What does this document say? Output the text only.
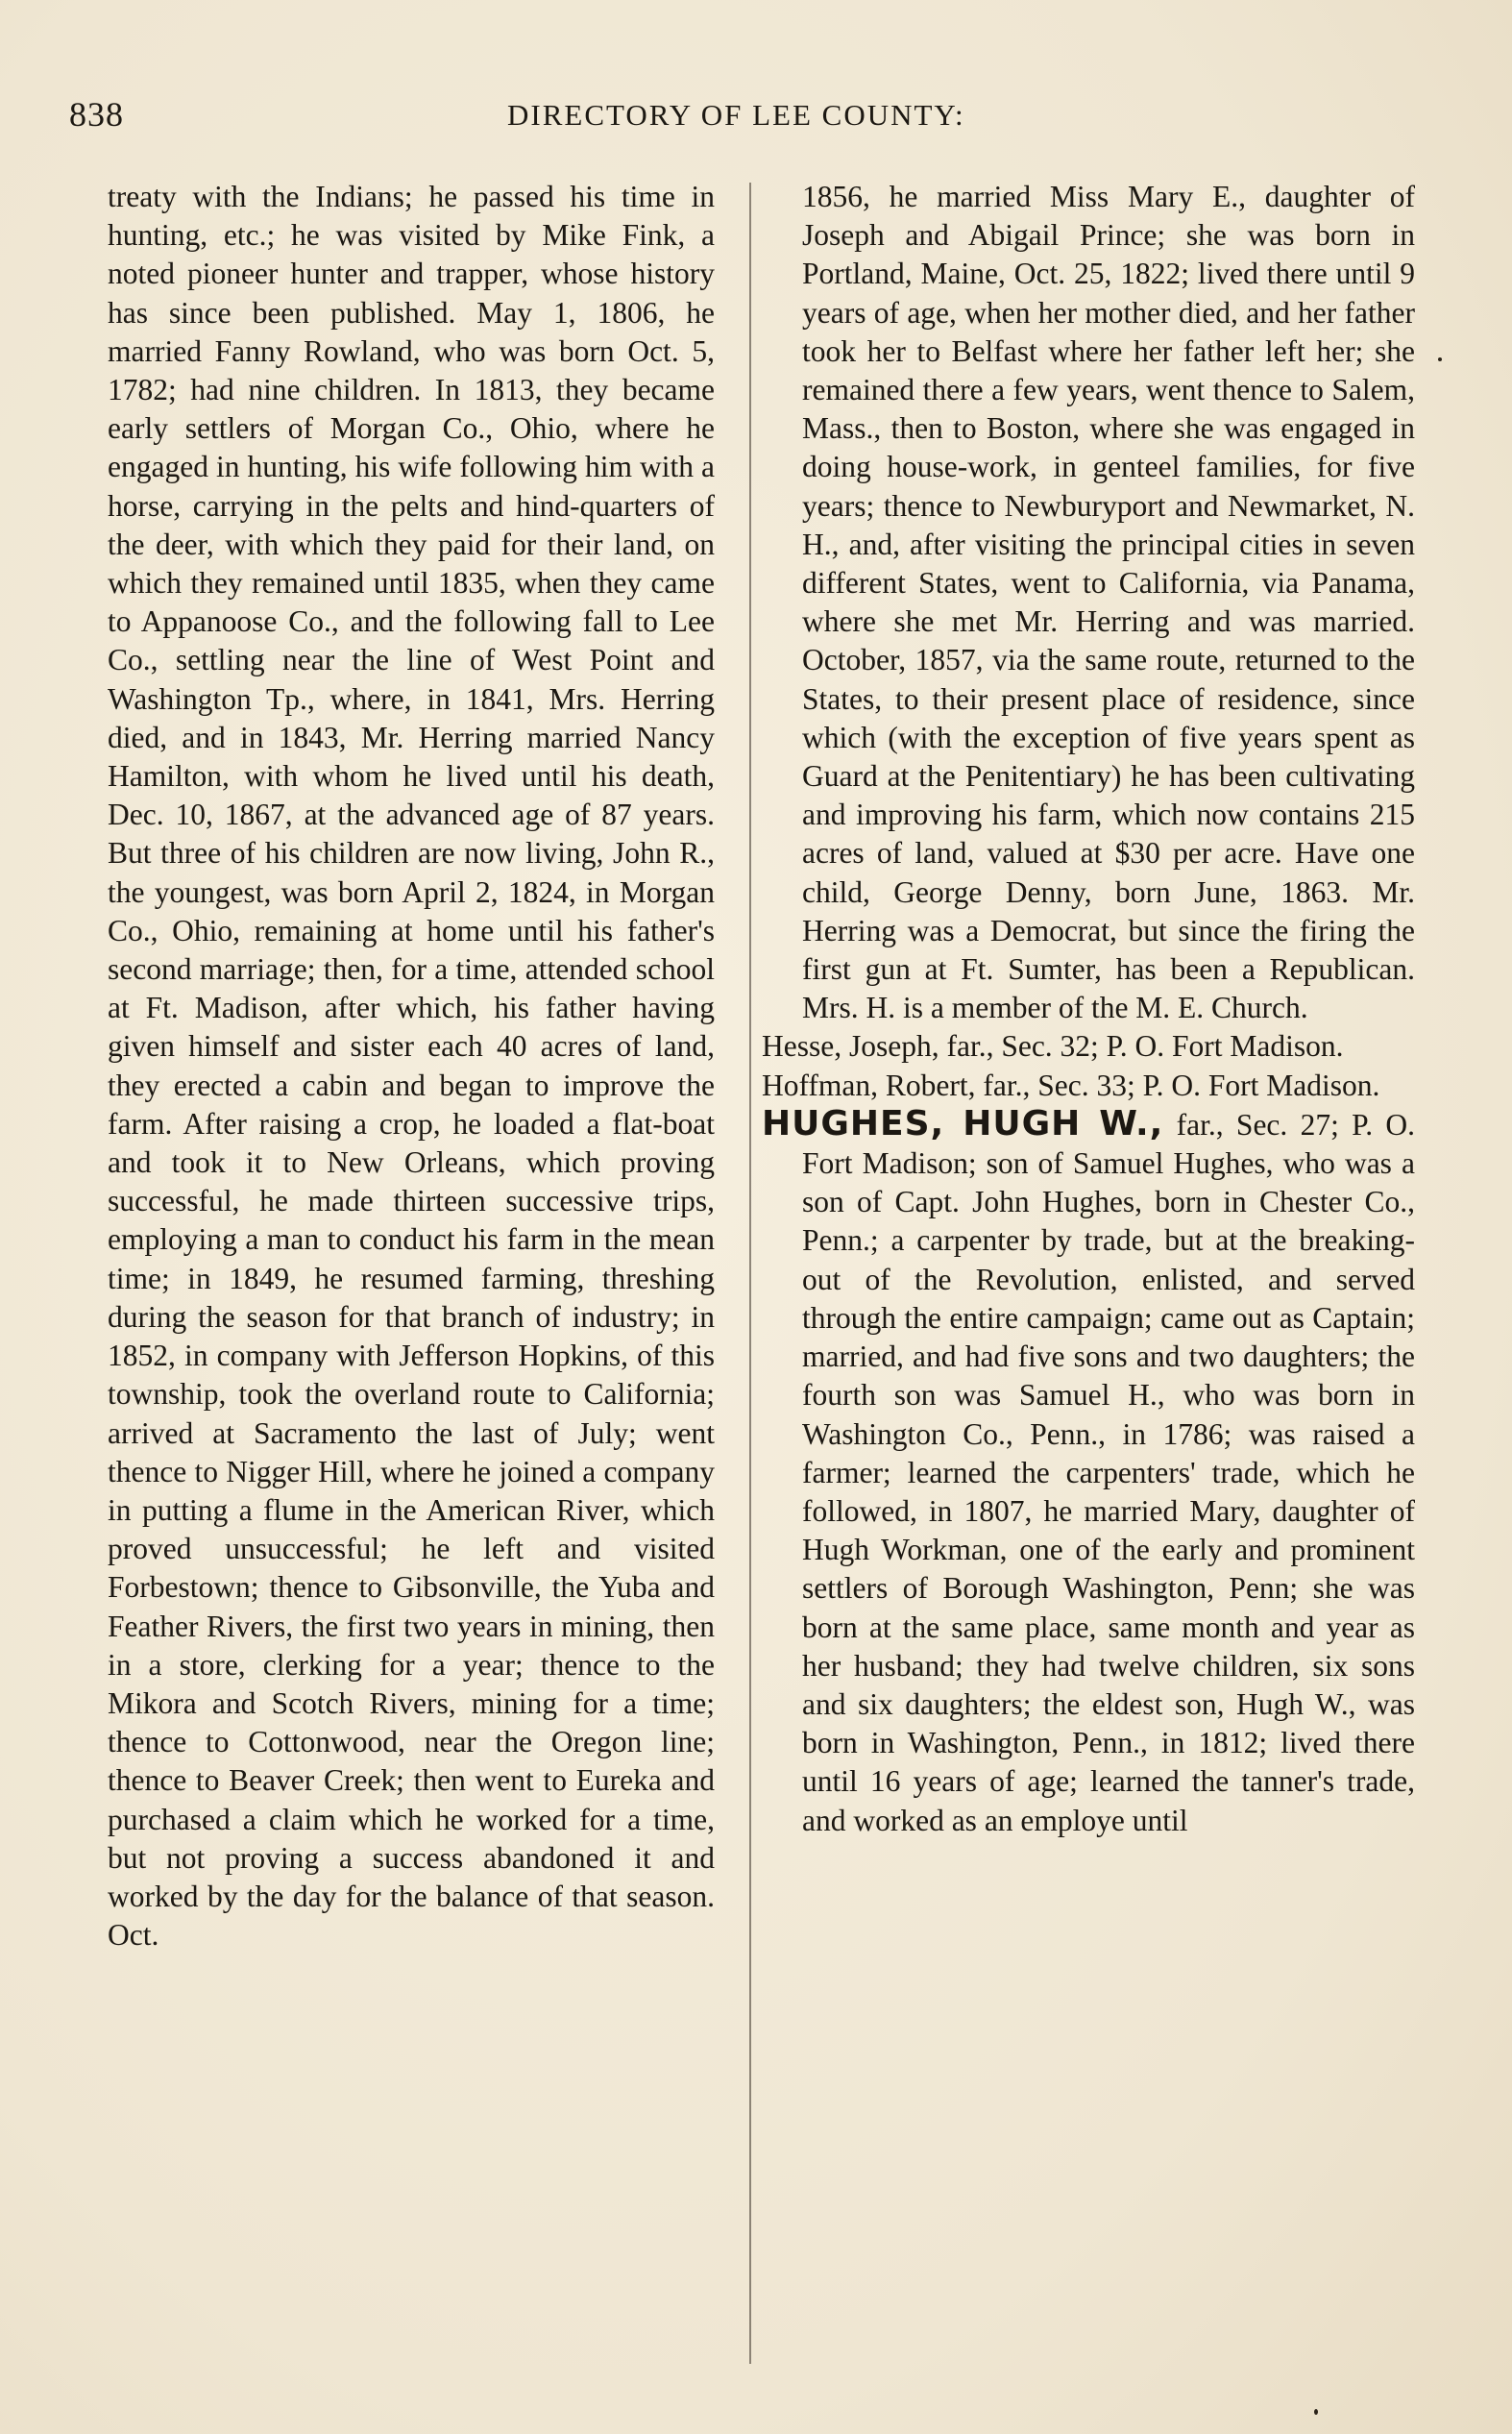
838	DIRECTORY OF LEE COUNTY:

treaty with the Indians; he passed his time in hunting, etc.; he was visited by Mike Fink, a noted pioneer hunter and trapper, whose history has since been published. May 1, 1806, he married Fanny Rowland, who was born Oct. 5, 1782; had nine children. In 1813, they became early settlers of Morgan Co., Ohio, where he engaged in hunting, his wife following him with a horse, carrying in the pelts and hind-quarters of the deer, with which they paid for their land, on which they remained until 1835, when they came to Appanoose Co., and the following fall to Lee Co., settling near the line of West Point and Washington Tp., where, in 1841, Mrs. Herring died, and in 1843, Mr. Herring married Nancy Hamilton, with whom he lived until his death, Dec. 10, 1867, at the advanced age of 87 years. But three of his children are now living, John R., the youngest, was born April 2, 1824, in Morgan Co., Ohio, remaining at home until his father's second marriage; then, for a time, attended school at Ft. Madison, after which, his father having given himself and sister each 40 acres of land, they erected a cabin and began to improve the farm. After raising a crop, he loaded a flat-boat and took it to New Orleans, which proving successful, he made thirteen successive trips, employing a man to conduct his farm in the mean time; in 1849, he resumed farming, threshing during the season for that branch of industry; in 1852, in company with Jefferson Hopkins, of this township, took the overland route to California; arrived at Sacramento the last of July; went thence to Nigger Hill, where he joined a company in putting a flume in the American River, which proved unsuccessful; he left and visited Forbestown; thence to Gibsonville, the Yuba and Feather Rivers, the first two years in mining, then in a store, clerking for a year; thence to the Mikora and Scotch Rivers, mining for a time; thence to Cottonwood, near the Oregon line; thence to Beaver Creek; then went to Eureka and purchased a claim which he worked for a time, but not proving a success abandoned it and worked by the day for the balance of that season. Oct.

1856, he married Miss Mary E., daughter of Joseph and Abigail Prince; she was born in Portland, Maine, Oct. 25, 1822; lived there until 9 years of age, when her mother died, and her father took her to Belfast where her father left her; she remained there a few years, went thence to Salem, Mass., then to Boston, where she was engaged in doing house-work, in genteel families, for five years; thence to Newburyport and Newmarket, N. H., and, after visiting the principal cities in seven different States, went to California, via Panama, where she met Mr. Herring and was married. October, 1857, via the same route, returned to the States, to their present place of residence, since which (with the exception of five years spent as Guard at the Penitentiary) he has been cultivating and improving his farm, which now contains 215 acres of land, valued at $30 per acre. Have one child, George Denny, born June, 1863. Mr. Herring was a Democrat, but since the firing the first gun at Ft. Sumter, has been a Republican. Mrs. H. is a member of the M. E. Church.

Hesse, Joseph, far., Sec. 32; P. O. Fort Madison.

Hoffman, Robert, far., Sec. 33; P. O. Fort Madison.

HUGHES, HUGH W., far., Sec. 27; P. O. Fort Madison; son of Samuel Hughes, who was a son of Capt. John Hughes, born in Chester Co., Penn.; a carpenter by trade, but at the breaking-out of the Revolution, enlisted, and served through the entire campaign; came out as Captain; married, and had five sons and two daughters; the fourth son was Samuel H., who was born in Washington Co., Penn., in 1786; was raised a farmer; learned the carpenters' trade, which he followed, in 1807, he married Mary, daughter of Hugh Workman, one of the early and prominent settlers of Borough Washington, Penn; she was born at the same place, same month and year as her husband; they had twelve children, six sons and six daughters; the eldest son, Hugh W., was born in Washington, Penn., in 1812; lived there until 16 years of age; learned the tanner's trade, and worked as an employe until
